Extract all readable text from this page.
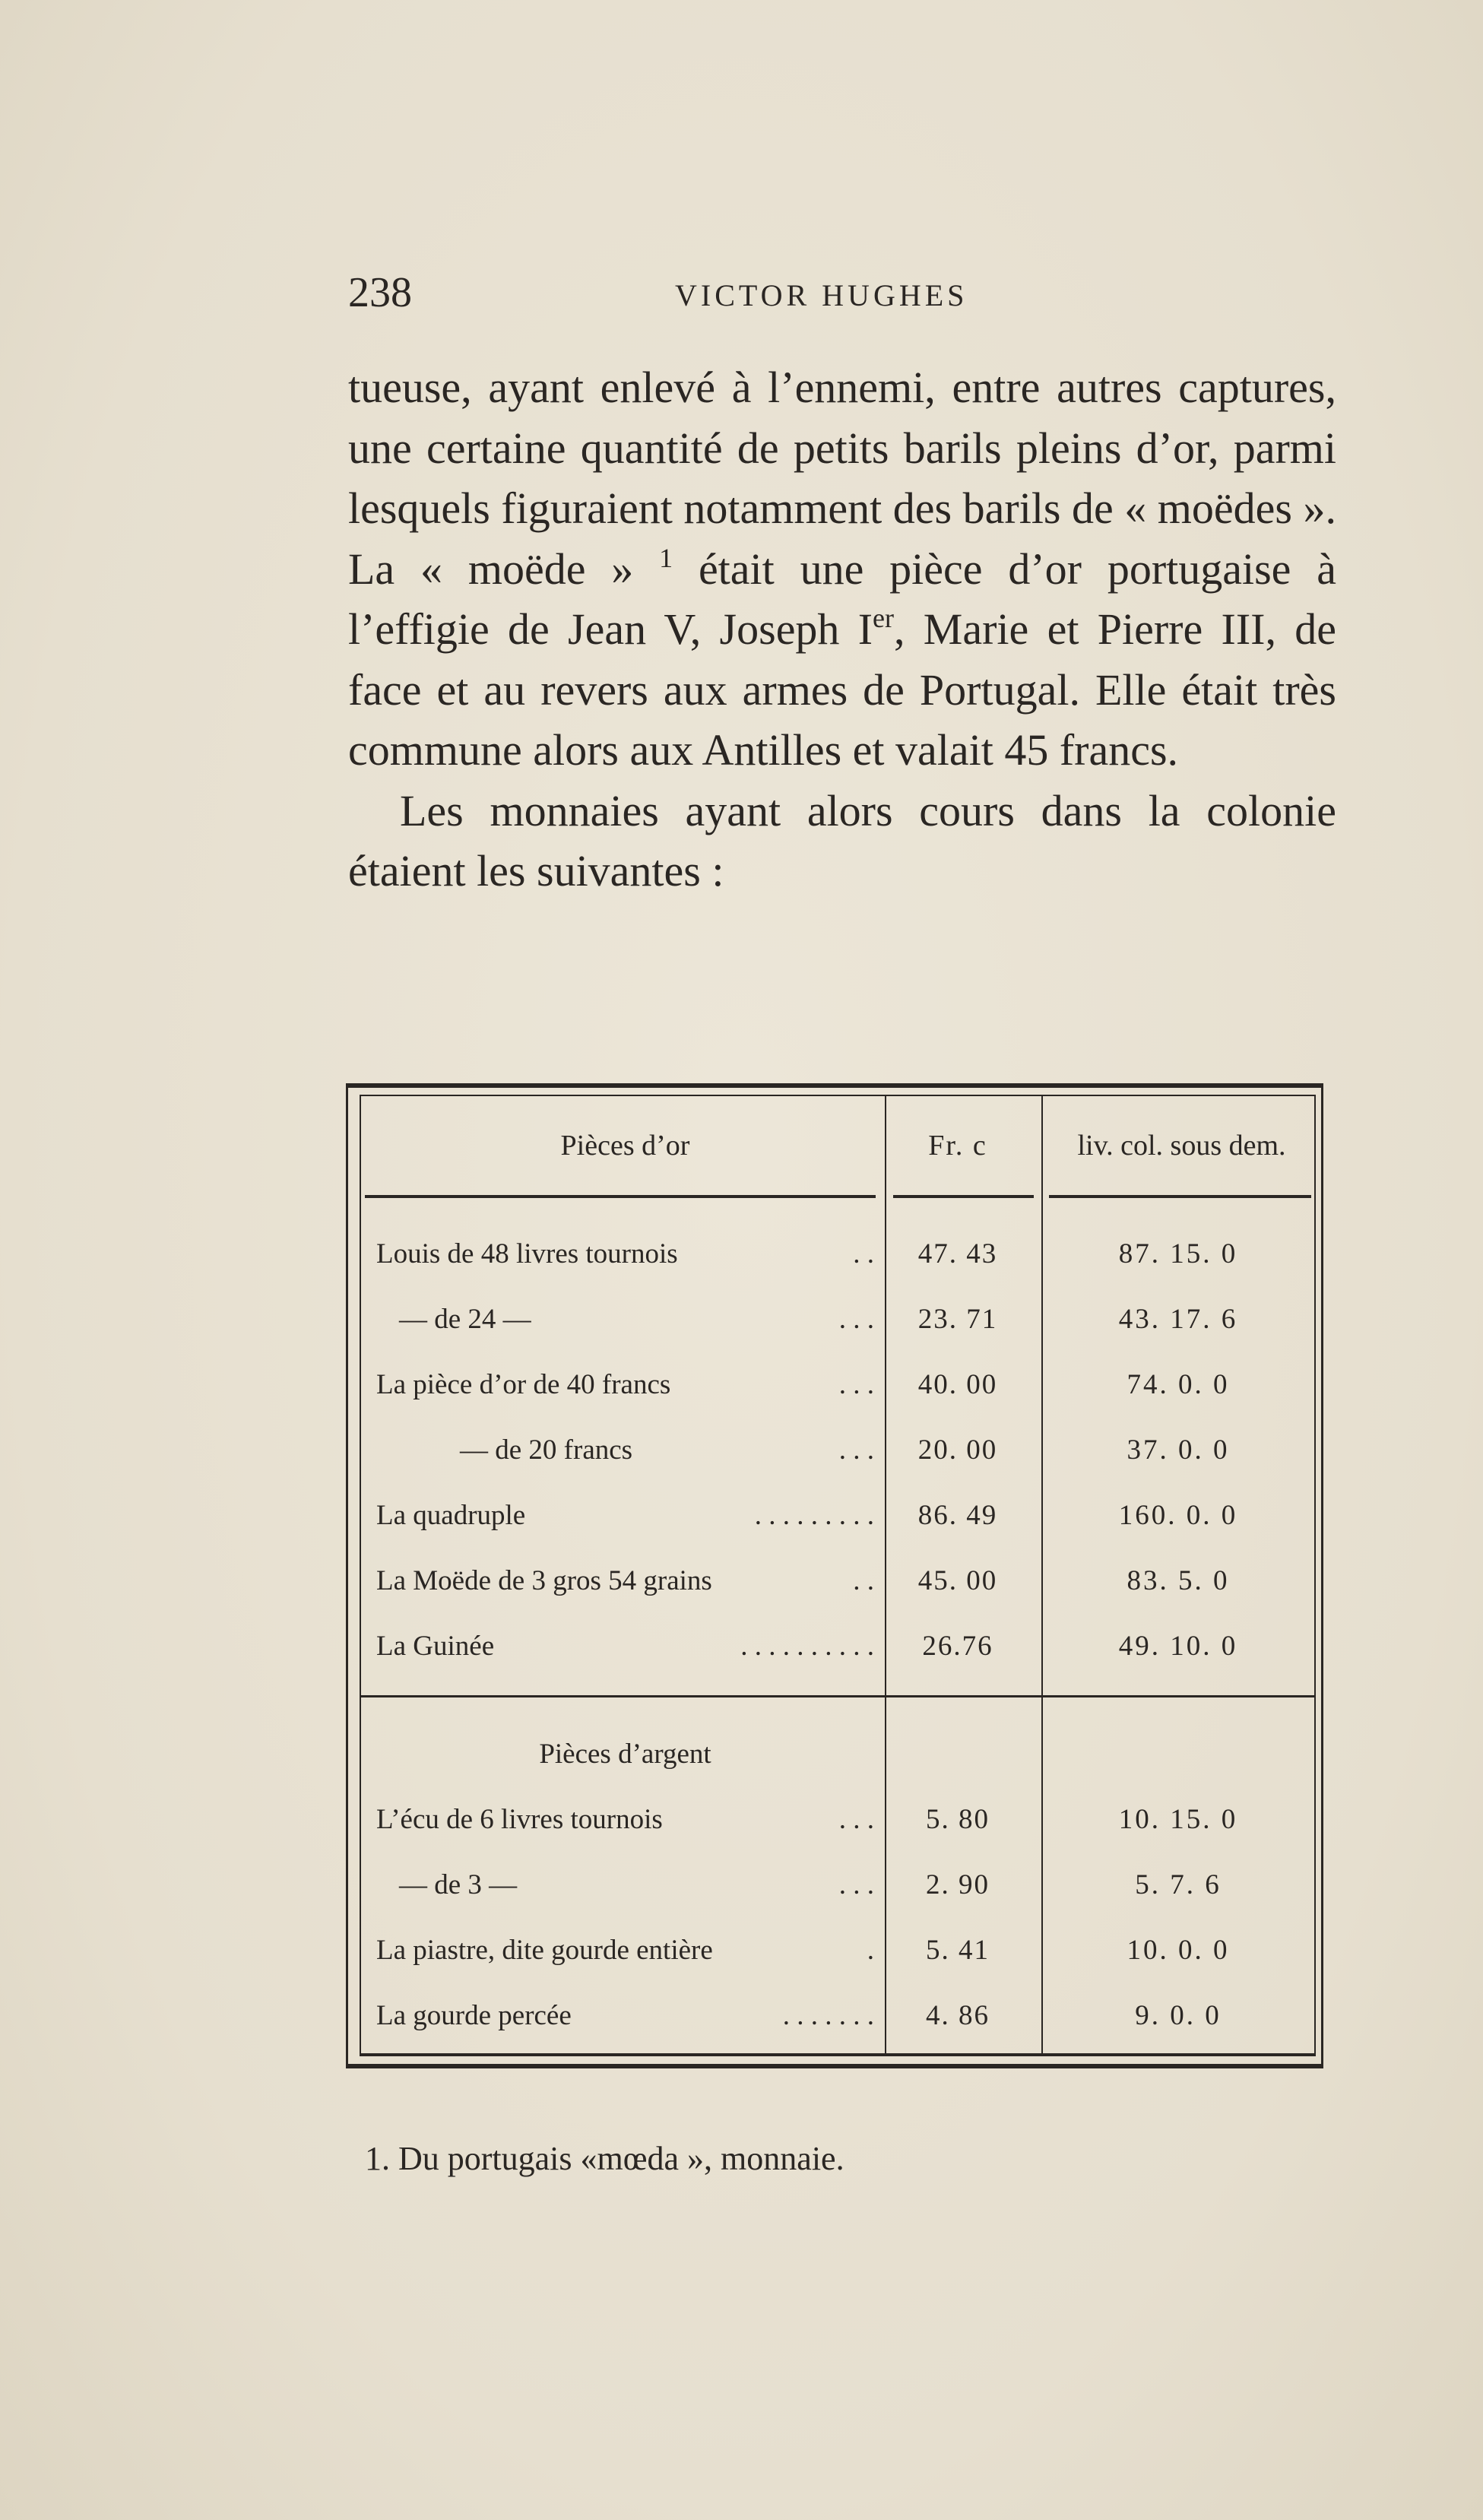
238	VICTOR HUGHES

tueuse, ayant enlevé à l’ennemi, entre autres captures, une certaine quantité de petits barils pleins d’or, parmi lesquels figuraient notamment des barils de « moëdes ». La « moëde » $^1$ était une pièce d’or portugaise à l’effigie de Jean V, Joseph Ier, Marie et Pierre III, de face et au revers aux armes de Portugal. Elle était très commune alors aux Antilles et valait 45 francs.

Les monnaies ayant alors cours dans la colonie étaient les suivantes :

Pièces d’or	Fr. c	liv. col. sous dem.
Louis de 48 livres tournois	. .	47. 43	87. 15. 0
— de 24 —	. . .	23. 71	43. 17. 6
La pièce d’or de 40 francs	. . .	40. 00	74. 0. 0
— de 20 francs	. . .	20. 00	37. 0. 0
La quadruple	. . . . . . . . .	86. 49	160. 0. 0
La Moëde de 3 gros 54 grains	. .	45. 00	83. 5. 0
La Guinée	. . . . . . . . . .	26.76	49. 10. 0
Pièces d’argent
L’écu de 6 livres tournois	. . .	5. 80	10. 15. 0
— de 3 —	. . .	2. 90	5. 7. 6
La piastre, dite gourde entière	.	5. 41	10. 0. 0
La gourde percée	. . . . . . .	4. 86	9. 0. 0
1. Du portugais «mœda », monnaie.
